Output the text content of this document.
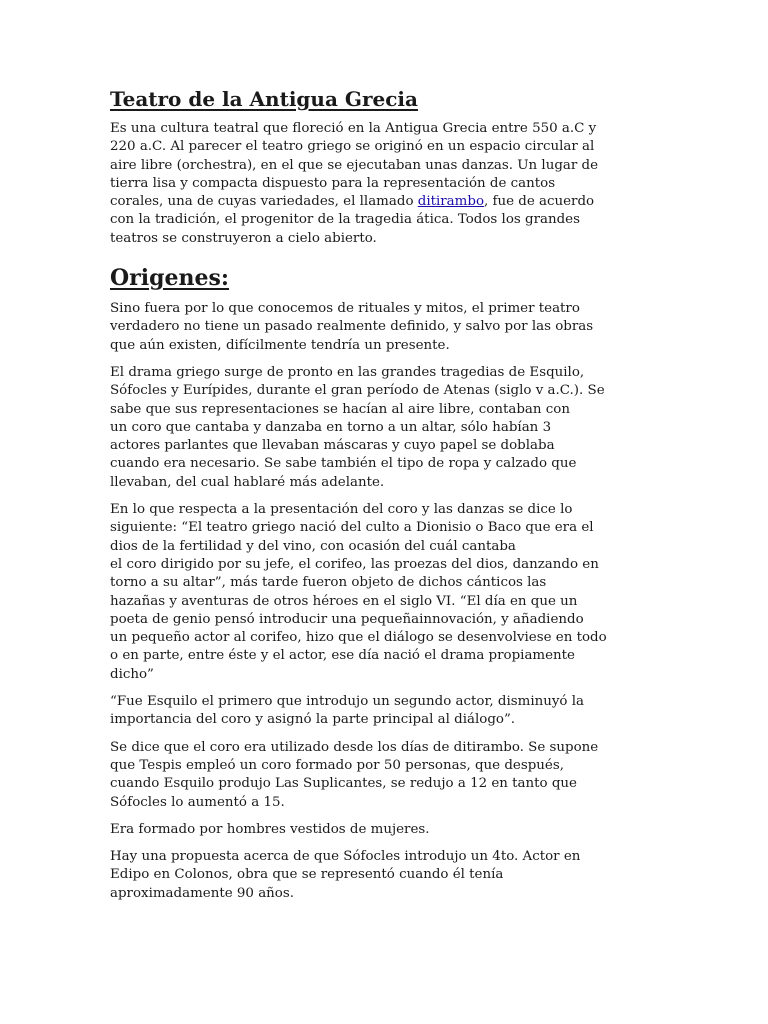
Teatro de la Antigua Grecia
Es una cultura teatral que floreció en la Antigua Grecia entre 550 a.C y
220 a.C. Al parecer el teatro griego se originó en un espacio circular al
aire libre (orchestra), en el que se ejecutaban unas danzas. Un lugar de
tierra lisa y compacta dispuesto para la representación de cantos
corales, una de cuyas variedades, el llamado ditirambo, fue de acuerdo
con la tradición, el progenitor de la tragedia ática. Todos los grandes
teatros se construyeron a cielo abierto.
Origenes:
Sino fuera por lo que conocemos de rituales y mitos, el primer teatro
verdadero no tiene un pasado realmente definido, y salvo por las obras
que aún existen, difícilmente tendría un presente.
El drama griego surge de pronto en las grandes tragedias de Esquilo,
Sófocles y Eurípides, durante el gran período de Atenas (siglo v a.C.). Se
sabe que sus representaciones se hacían al aire libre, contaban con
un coro que cantaba y danzaba en torno a un altar, sólo habían 3
actores parlantes que llevaban máscaras y cuyo papel se doblaba
cuando era necesario. Se sabe también el tipo de ropa y calzado que
llevaban, del cual hablaré más adelante.
En lo que respecta a la presentación del coro y las danzas se dice lo
siguiente: “El teatro griego nació del culto a Dionisio o Baco que era el
dios de la fertilidad y del vino, con ocasión del cuál cantaba
el coro dirigido por su jefe, el corifeo, las proezas del dios, danzando en
torno a su altar”, más tarde fueron objeto de dichos cánticos las
hazañas y aventuras de otros héroes en el siglo VI. “El día en que un
poeta de genio pensó introducir una pequeñainnovación, y añadiendo
un pequeño actor al corifeo, hizo que el diálogo se desenvolviese en todo
o en parte, entre éste y el actor, ese día nació el drama propiamente
dicho”
“Fue Esquilo el primero que introdujo un segundo actor, disminuyó la
importancia del coro y asignó la parte principal al diálogo”.
Se dice que el coro era utilizado desde los días de ditirambo. Se supone
que Tespis empleó un coro formado por 50 personas, que después,
cuando Esquilo produjo Las Suplicantes, se redujo a 12 en tanto que
Sófocles lo aumentó a 15.
Era formado por hombres vestidos de mujeres.
Hay una propuesta acerca de que Sófocles introdujo un 4to. Actor en
Edipo en Colonos, obra que se representó cuando él tenía
aproximadamente 90 años.
